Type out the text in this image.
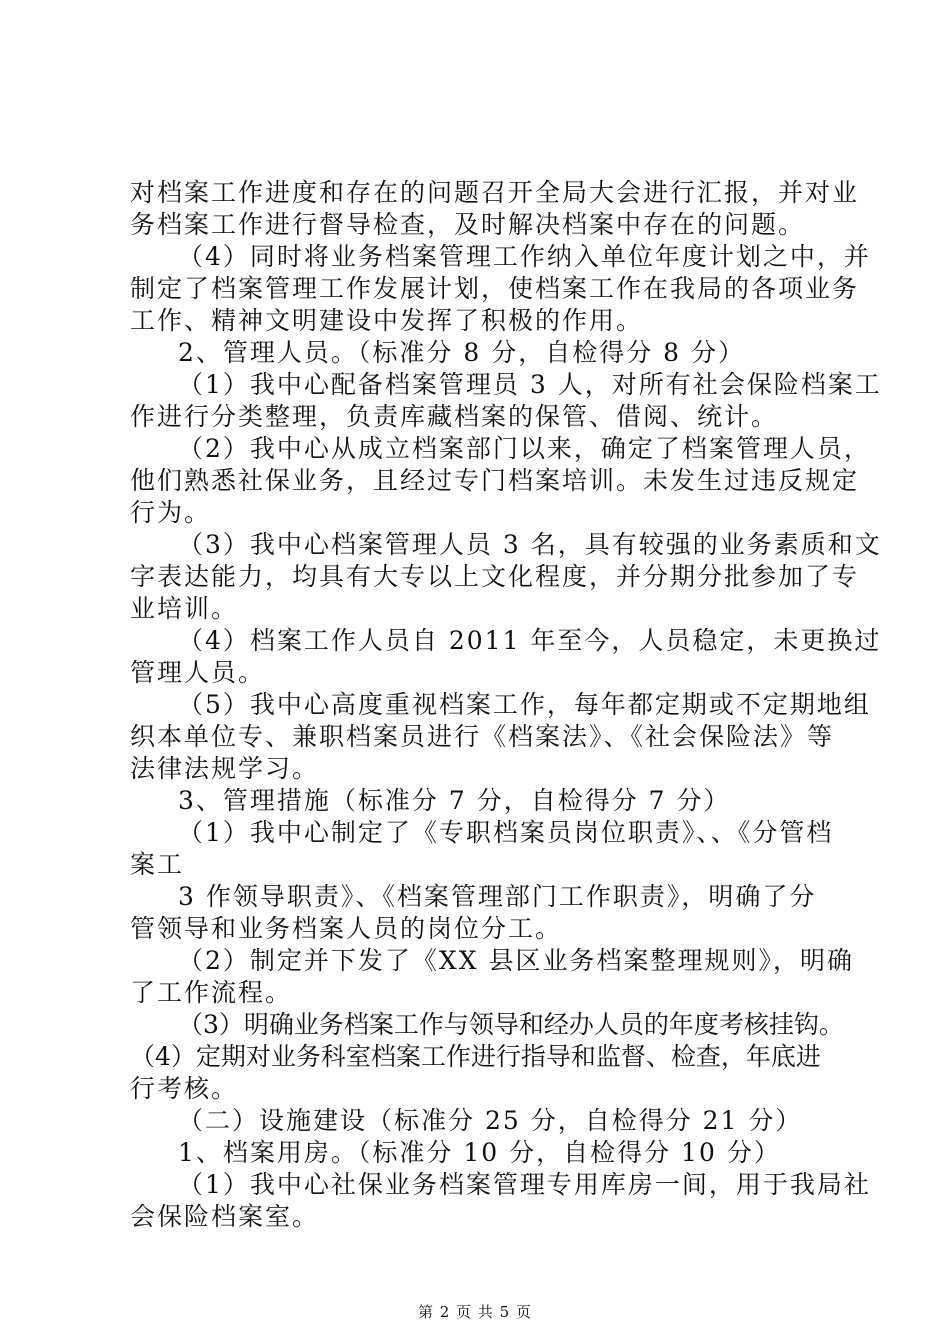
对档案工作进度和存在的问题召开全局大会进行汇报，并对业
务档案工作进行督导检查，及时解决档案中存在的问题。
（4）同时将业务档案管理工作纳入单位年度计划之中，并
制定了档案管理工作发展计划，使档案工作在我局的各项业务
工作、精神文明建设中发挥了积极的作用。
2、管理人员。（标准分 8 分，自检得分 8 分）
（1）我中心配备档案管理员 3 人，对所有社会保险档案工
作进行分类整理，负责库藏档案的保管、借阅、统计。
（2）我中心从成立档案部门以来，确定了档案管理人员，
他们熟悉社保业务，且经过专门档案培训。未发生过违反规定
行为。
（3）我中心档案管理人员 3 名，具有较强的业务素质和文
字表达能力，均具有大专以上文化程度，并分期分批参加了专
业培训。
（4）档案工作人员自 2011 年至今，人员稳定，未更换过
管理人员。
（5）我中心高度重视档案工作，每年都定期或不定期地组
织本单位专、兼职档案员进行《档案法》、《社会保险法》等
法律法规学习。
3、管理措施（标准分 7 分，自检得分 7 分）
（1）我中心制定了《专职档案员岗位职责》、、《分管档
案工
3 作领导职责》、《档案管理部门工作职责》，明确了分
管领导和业务档案人员的岗位分工。
（2）制定并下发了《XX 县区业务档案整理规则》，明确
了工作流程。
（3）明确业务档案工作与领导和经办人员的年度考核挂钩。
（4）定期对业务科室档案工作进行指导和监督、检查，年底进
行考核。
（二）设施建设（标准分 25 分，自检得分 21 分）
1、档案用房。（标准分 10 分，自检得分 10 分）
（1）我中心社保业务档案管理专用库房一间，用于我局社
会保险档案室。
第 2 页 共 5 页
